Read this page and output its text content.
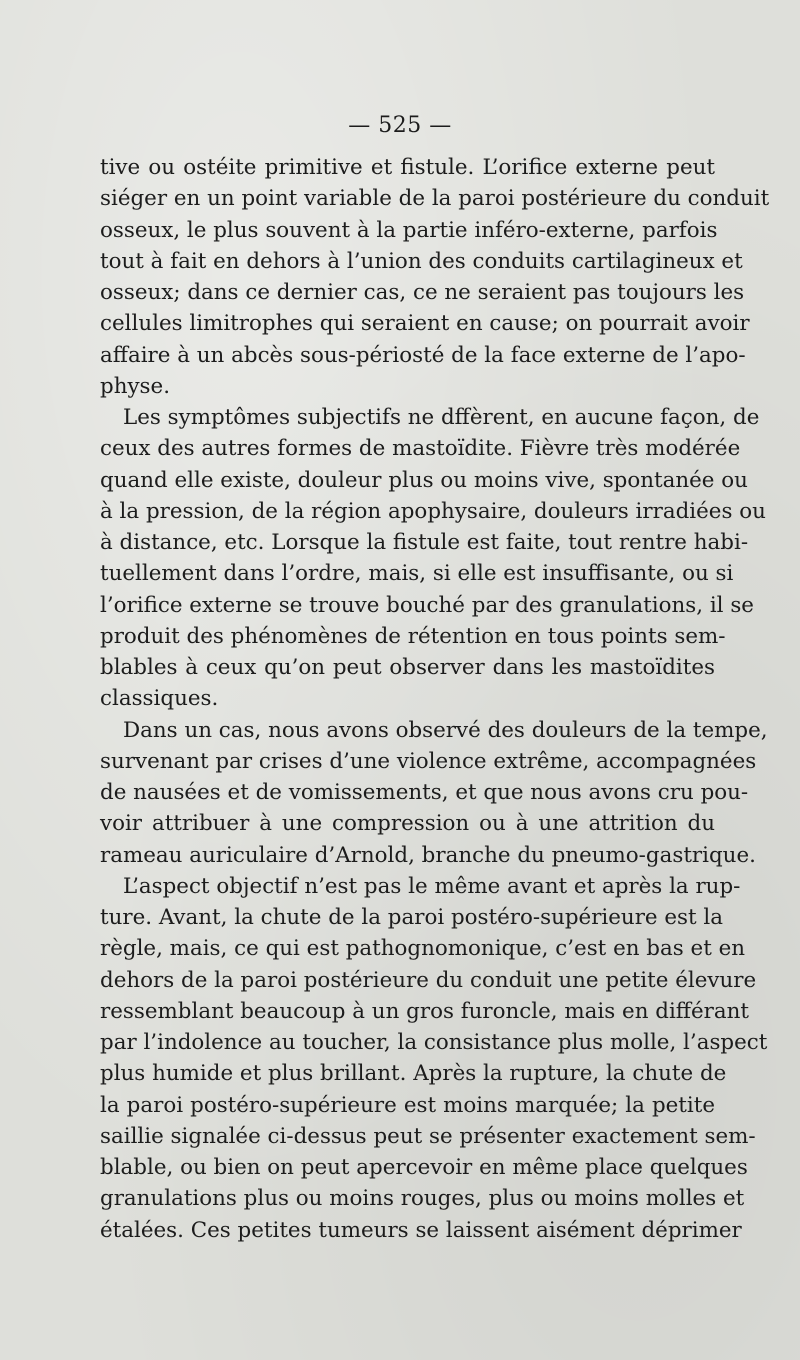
— 525 —
tive ou ostéite primitive et fistule. L’orifice externe peut
siéger en un point variable de la paroi postérieure du conduit
osseux, le plus souvent à la partie inféro-externe, parfois
tout à fait en dehors à l’union des conduits cartilagineux et
osseux; dans ce dernier cas, ce ne seraient pas toujours les
cellules limitrophes qui seraient en cause; on pourrait avoir
affaire à un abcès sous-périosté de la face externe de l’apo-
physe.
Les symptômes subjectifs ne dffèrent, en aucune façon, de
ceux des autres formes de mastoïdite. Fièvre très modérée
quand elle existe, douleur plus ou moins vive, spontanée ou
à la pression, de la région apophysaire, douleurs irradiées ou
à distance, etc. Lorsque la fistule est faite, tout rentre habi-
tuellement dans l’ordre, mais, si elle est insuffisante, ou si
l’orifice externe se trouve bouché par des granulations, il se
produit des phénomènes de rétention en tous points sem-
blables à ceux qu’on peut observer dans les mastoïdites
classiques.
Dans un cas, nous avons observé des douleurs de la tempe,
survenant par crises d’une violence extrême, accompagnées
de nausées et de vomissements, et que nous avons cru pou-
voir attribuer à une compression ou à une attrition du
rameau auriculaire d’Arnold, branche du pneumo-gastrique.
L’aspect objectif n’est pas le même avant et après la rup-
ture. Avant, la chute de la paroi postéro-supérieure est la
règle, mais, ce qui est pathognomonique, c’est en bas et en
dehors de la paroi postérieure du conduit une petite élevure
ressemblant beaucoup à un gros furoncle, mais en différant
par l’indolence au toucher, la consistance plus molle, l’aspect
plus humide et plus brillant. Après la rupture, la chute de
la paroi postéro-supérieure est moins marquée; la petite
saillie signalée ci-dessus peut se présenter exactement sem-
blable, ou bien on peut apercevoir en même place quelques
granulations plus ou moins rouges, plus ou moins molles et
étalées. Ces petites tumeurs se laissent aisément déprimer
